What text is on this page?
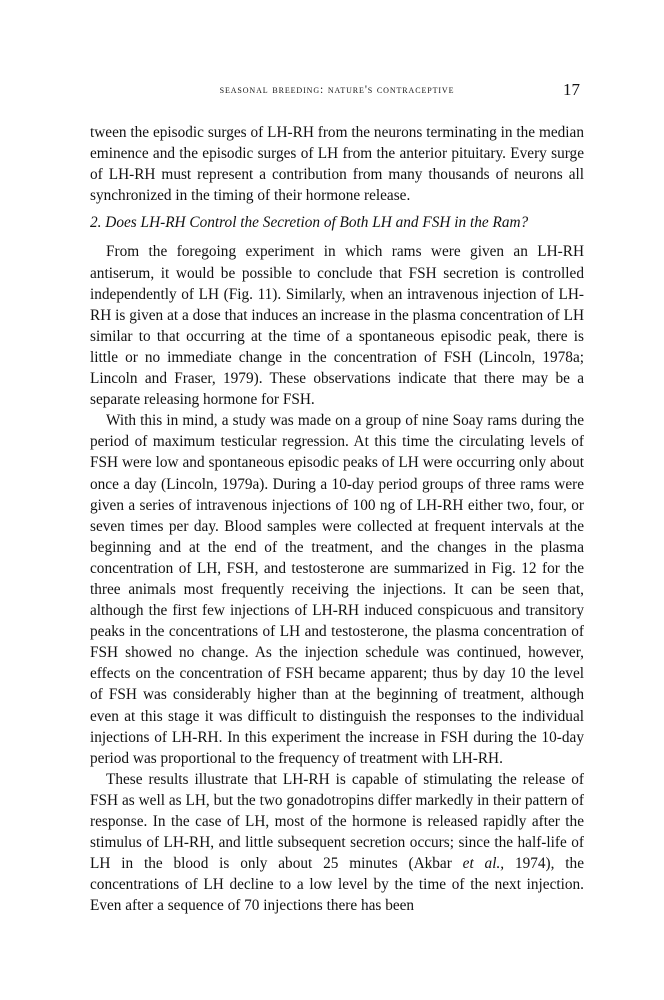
seasonal breeding: nature's contraceptive	17

tween the episodic surges of LH-RH from the neurons terminating in the median eminence and the episodic surges of LH from the anterior pituitary. Every surge of LH-RH must represent a contribution from many thousands of neurons all synchronized in the timing of their hormone release.

2. Does LH-RH Control the Secretion of Both LH and FSH in the Ram?

From the foregoing experiment in which rams were given an LH-RH antiserum, it would be possible to conclude that FSH secretion is controlled independently of LH (Fig. 11). Similarly, when an intravenous injection of LH-RH is given at a dose that induces an increase in the plasma concentration of LH similar to that occurring at the time of a spontaneous episodic peak, there is little or no immediate change in the concentration of FSH (Lincoln, 1978a; Lincoln and Fraser, 1979). These observations indicate that there may be a separate releasing hormone for FSH.

With this in mind, a study was made on a group of nine Soay rams during the period of maximum testicular regression. At this time the circulating levels of FSH were low and spontaneous episodic peaks of LH were occurring only about once a day (Lincoln, 1979a). During a 10-day period groups of three rams were given a series of intravenous injections of 100 ng of LH-RH either two, four, or seven times per day. Blood samples were collected at frequent intervals at the beginning and at the end of the treatment, and the changes in the plasma concentration of LH, FSH, and testosterone are summarized in Fig. 12 for the three animals most frequently receiving the injections. It can be seen that, although the first few injections of LH-RH induced conspicuous and transitory peaks in the concentrations of LH and testosterone, the plasma concentration of FSH showed no change. As the injection schedule was continued, however, effects on the concentration of FSH became apparent; thus by day 10 the level of FSH was considerably higher than at the beginning of treatment, although even at this stage it was difficult to distinguish the responses to the individual injections of LH-RH. In this experiment the increase in FSH during the 10-day period was proportional to the frequency of treatment with LH-RH.

These results illustrate that LH-RH is capable of stimulating the release of FSH as well as LH, but the two gonadotropins differ markedly in their pattern of response. In the case of LH, most of the hormone is released rapidly after the stimulus of LH-RH, and little subsequent secretion occurs; since the half-life of LH in the blood is only about 25 minutes (Akbar et al., 1974), the concentrations of LH decline to a low level by the time of the next injection. Even after a sequence of 70 injections there has been
